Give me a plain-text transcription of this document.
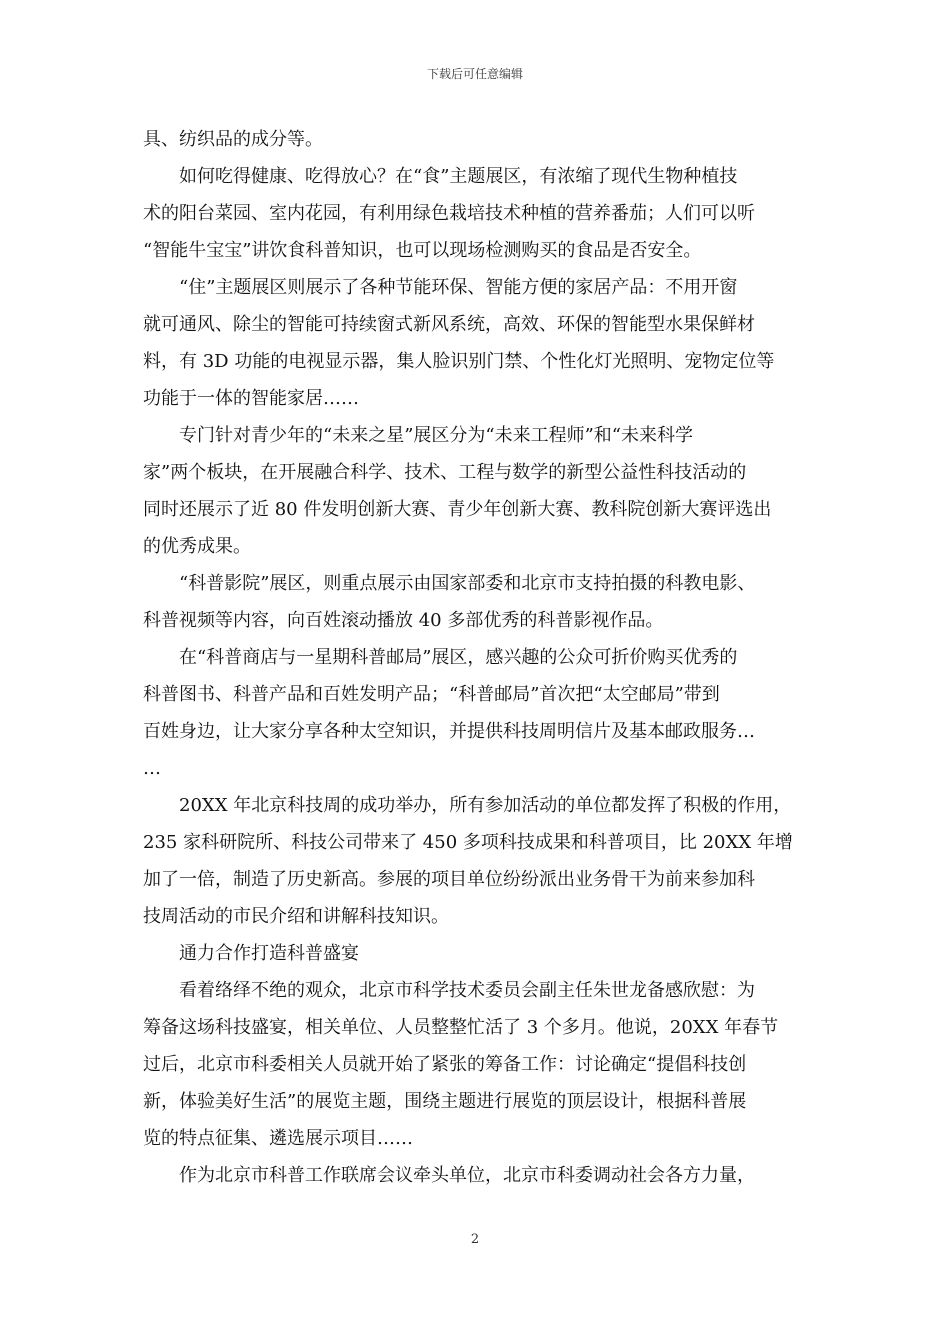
下载后可任意编辑
具、纺织品的成分等。
　　如何吃得健康、吃得放心？在“食”主题展区，有浓缩了现代生物种植技
术的阳台菜园、室内花园，有利用绿色栽培技术种植的营养番茄；人们可以听
“智能牛宝宝”讲饮食科普知识，也可以现场检测购买的食品是否安全。
　　“住”主题展区则展示了各种节能环保、智能方便的家居产品：不用开窗
就可通风、除尘的智能可持续窗式新风系统，高效、环保的智能型水果保鲜材
料，有 3D 功能的电视显示器，集人脸识别门禁、个性化灯光照明、宠物定位等
功能于一体的智能家居……
　　专门针对青少年的“未来之星”展区分为“未来工程师”和“未来科学
家”两个板块，在开展融合科学、技术、工程与数学的新型公益性科技活动的
同时还展示了近 80 件发明创新大赛、青少年创新大赛、教科院创新大赛评选出
的优秀成果。
　　“科普影院”展区，则重点展示由国家部委和北京市支持拍摄的科教电影、
科普视频等内容，向百姓滚动播放 40 多部优秀的科普影视作品。
　　在“科普商店与一星期科普邮局”展区，感兴趣的公众可折价购买优秀的
科普图书、科普产品和百姓发明产品；“科普邮局”首次把“太空邮局”带到
百姓身边，让大家分享各种太空知识，并提供科技周明信片及基本邮政服务…
…
　　20XX 年北京科技周的成功举办，所有参加活动的单位都发挥了积极的作用，
235 家科研院所、科技公司带来了 450 多项科技成果和科普项目，比 20XX 年增
加了一倍，制造了历史新高。参展的项目单位纷纷派出业务骨干为前来参加科
技周活动的市民介绍和讲解科技知识。
　　通力合作打造科普盛宴
　　看着络绎不绝的观众，北京市科学技术委员会副主任朱世龙备感欣慰：为
筹备这场科技盛宴，相关单位、人员整整忙活了 3 个多月。他说，20XX 年春节
过后，北京市科委相关人员就开始了紧张的筹备工作：讨论确定“提倡科技创
新，体验美好生活”的展览主题，围绕主题进行展览的顶层设计，根据科普展
览的特点征集、遴选展示项目……
　　作为北京市科普工作联席会议牵头单位，北京市科委调动社会各方力量，
2
